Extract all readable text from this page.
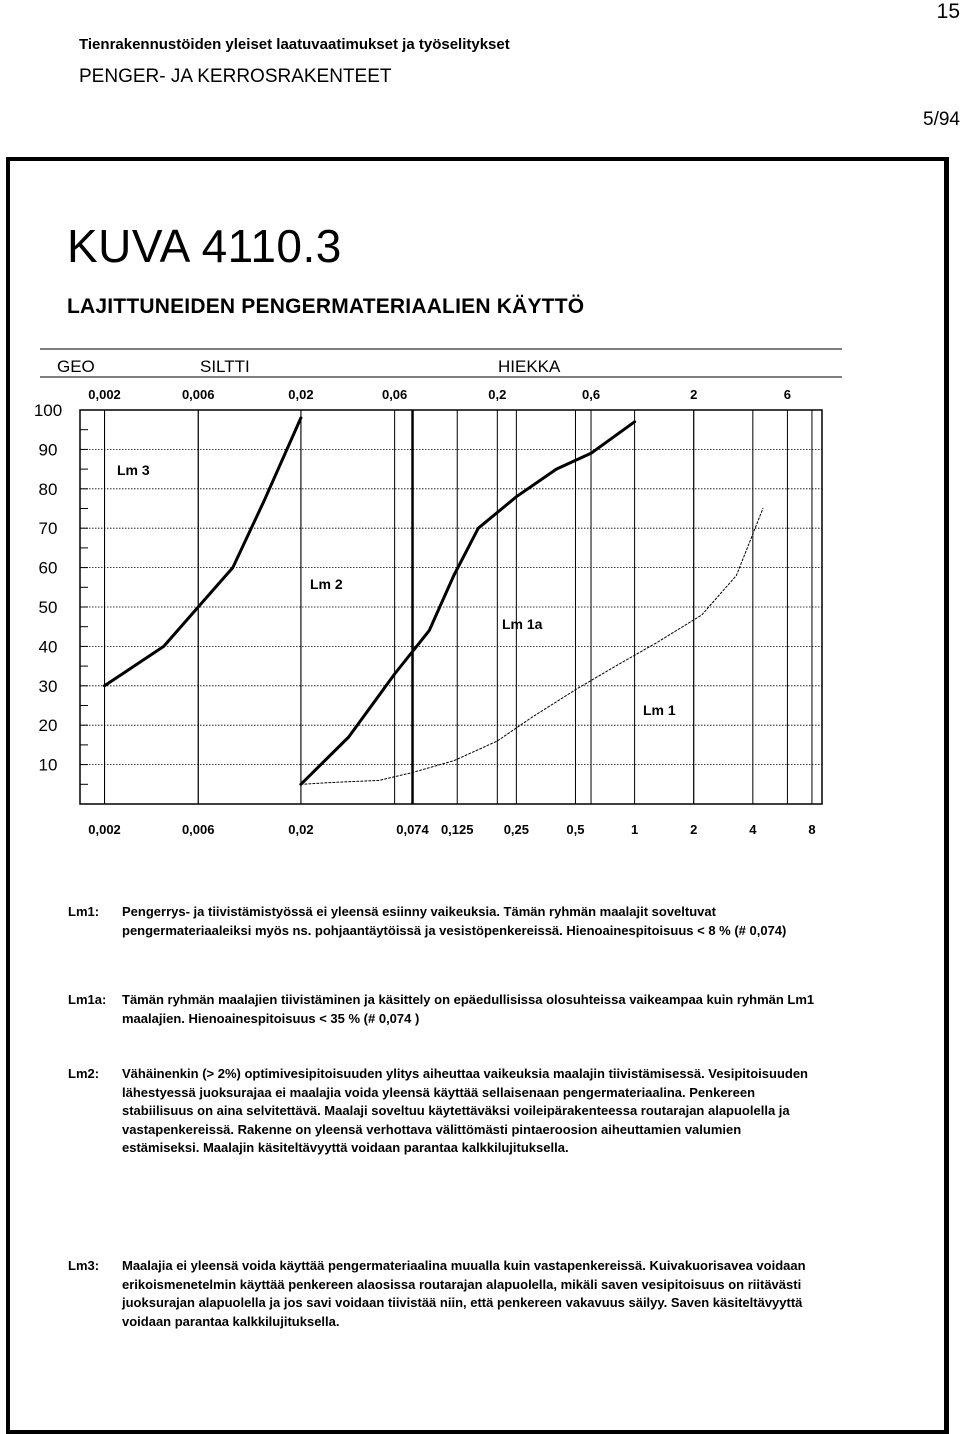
Tienrakennustöiden yleiset laatuvaatimukset ja työselitykset
PENGER- JA KERROSRAKENTEET
15
5/94
KUVA 4110.3
LAJITTUNEIDEN PENGERMATERIAALIEN KÄYTTÖ
GEO	SILTTI	HIEKKA
0,002	0,006	0,02	0,06	0,2	0,6	2	6
100
90
80
70
60
50
40
30
20
10
0,002	0,006	0,02	0,074 0,125 0,25	0,5	1	2	4	8
Lm 3
Lm 2
Lm 1a
Lm 1
Lm1:	Pengerrys- ja tiivistämistyössä ei yleensä esiinny vaikeuksia. Tämän ryhmän maalajit soveltuvat pengermateriaaleiksi myös ns. pohjaantäytöissä ja vesistöpenkereissä. Hienoainespitoisuus < 8 % (# 0,074)
Lm1a:	Tämän ryhmän maalajien tiivistäminen ja käsittely on epäedullisissa olosuhteissa vaikeampaa kuin ryhmän Lm1 maalajien. Hienoainespitoisuus < 35 % (# 0,074 )
Lm2:	Vähäinenkin (> 2%) optimivesipitoisuuden ylitys aiheuttaa vaikeuksia maalajin tiivistämisessä. Vesipitoisuuden lähestyessä juoksurajaa ei maalajia voida yleensä käyttää sellaisenaan pengermateriaalina. Penkereen stabiilisuus on aina selvitettävä. Maalaji soveltuu käytettäväksi voileipärakenteessa routarajan alapuolella ja vastapenkereissä. Rakenne on yleensä verhottava välittömästi pintaeroosion aiheuttamien valumien estämiseksi. Maalajin käsiteltävyyttä voidaan parantaa kalkkilujituksella.
Lm3:	Maalajia ei yleensä voida käyttää pengermateriaalina muualla kuin vastapenkereissä. Kuivakuorisavea voidaan erikoismenetelmin käyttää penkereen alaosissa routarajan alapuolella, mikäli saven vesipitoisuus on riitävästi juoksurajan alapuolella ja jos savi voidaan tiivistää niin, että penkereen vakavuus säilyy. Saven käsiteltävyyttä voidaan parantaa kalkkilujituksella.
